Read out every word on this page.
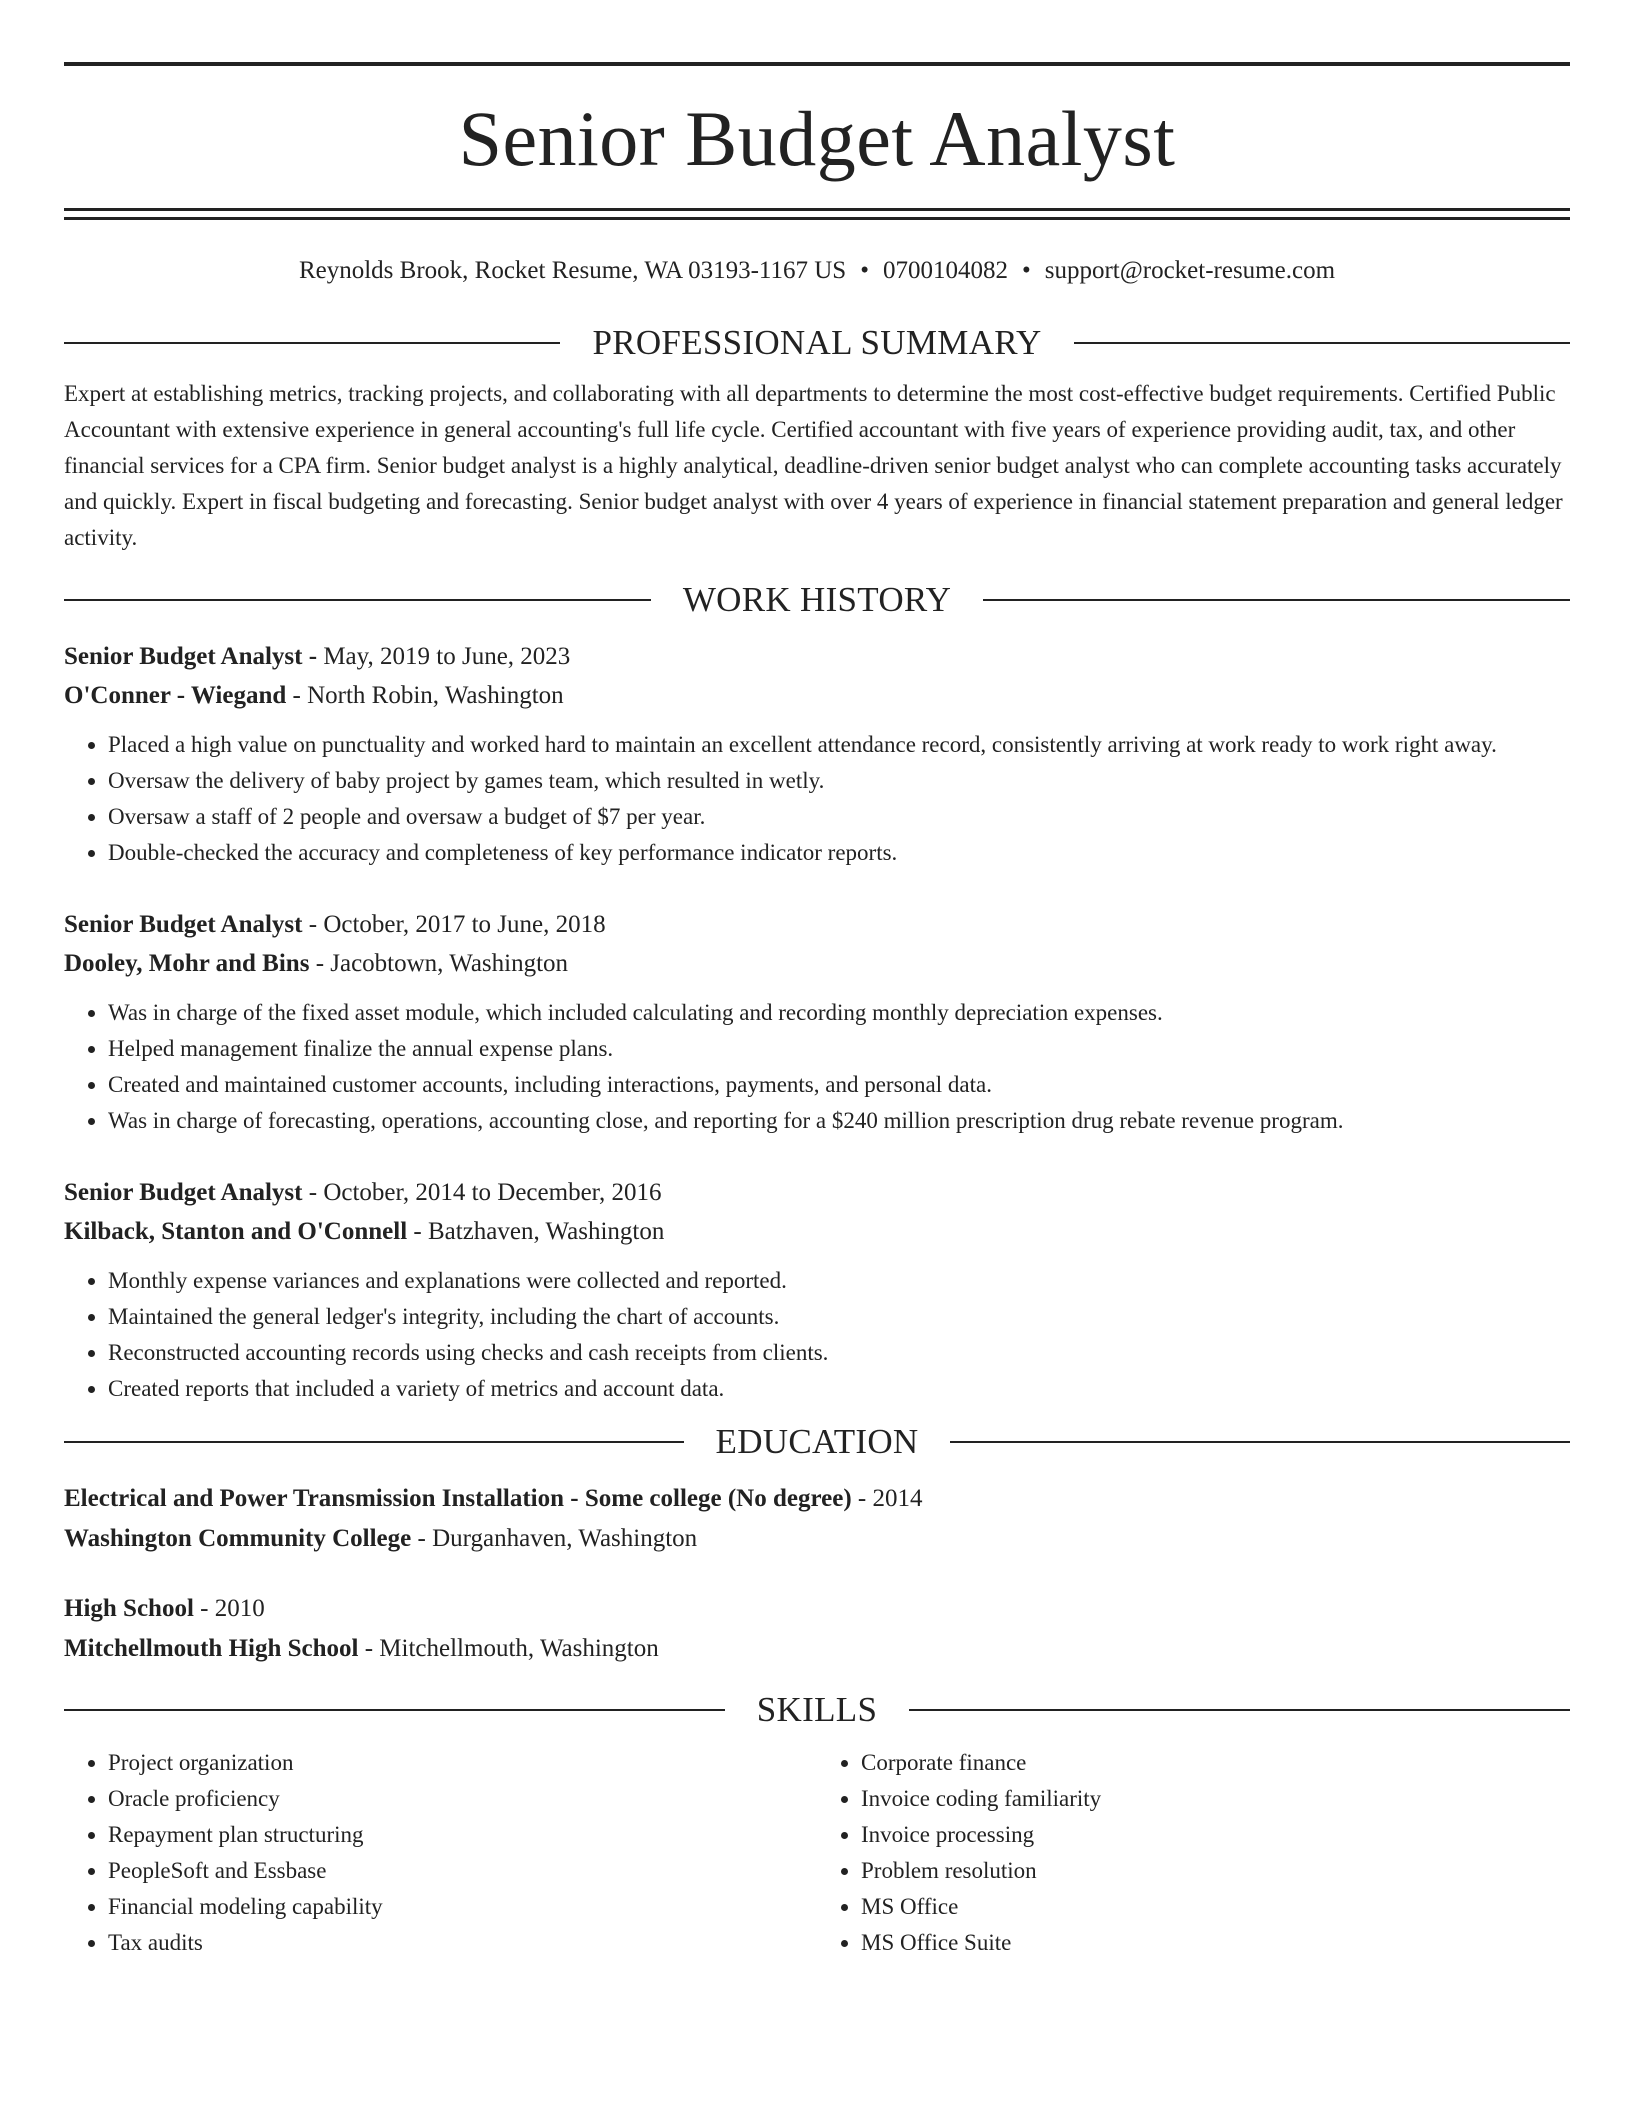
Senior Budget Analyst
Reynolds Brook, Rocket Resume, WA 03193-1167 US • 0700104082 • support@rocket-resume.com
PROFESSIONAL SUMMARY

Expert at establishing metrics, tracking projects, and collaborating with all departments to determine the most cost-effective budget requirements. Certified Public Accountant with extensive experience in general accounting's full life cycle. Certified accountant with five years of experience providing audit, tax, and other financial services for a CPA firm. Senior budget analyst is a highly analytical, deadline-driven senior budget analyst who can complete accounting tasks accurately and quickly. Expert in fiscal budgeting and forecasting. Senior budget analyst with over 4 years of experience in financial statement preparation and general ledger activity.

WORK HISTORY
Senior Budget Analyst - May, 2019 to June, 2023
O'Conner - Wiegand - North Robin, Washington
• Placed a high value on punctuality and worked hard to maintain an excellent attendance record, consistently arriving at work ready to work right away.
• Oversaw the delivery of baby project by games team, which resulted in wetly.
• Oversaw a staff of 2 people and oversaw a budget of $7 per year.
• Double-checked the accuracy and completeness of key performance indicator reports.
Senior Budget Analyst - October, 2017 to June, 2018
Dooley, Mohr and Bins - Jacobtown, Washington
• Was in charge of the fixed asset module, which included calculating and recording monthly depreciation expenses.
• Helped management finalize the annual expense plans.
• Created and maintained customer accounts, including interactions, payments, and personal data.
• Was in charge of forecasting, operations, accounting close, and reporting for a $240 million prescription drug rebate revenue program.
Senior Budget Analyst - October, 2014 to December, 2016
Kilback, Stanton and O'Connell - Batzhaven, Washington
• Monthly expense variances and explanations were collected and reported.
• Maintained the general ledger's integrity, including the chart of accounts.
• Reconstructed accounting records using checks and cash receipts from clients.
• Created reports that included a variety of metrics and account data.
EDUCATION
Electrical and Power Transmission Installation - Some college (No degree) - 2014
Washington Community College - Durganhaven, Washington
High School - 2010
Mitchellmouth High School - Mitchellmouth, Washington
SKILLS
• Project organization
• Oracle proficiency
• Repayment plan structuring
• PeopleSoft and Essbase
• Financial modeling capability
• Tax audits
• Corporate finance
• Invoice coding familiarity
• Invoice processing
• Problem resolution
• MS Office
• MS Office Suite
